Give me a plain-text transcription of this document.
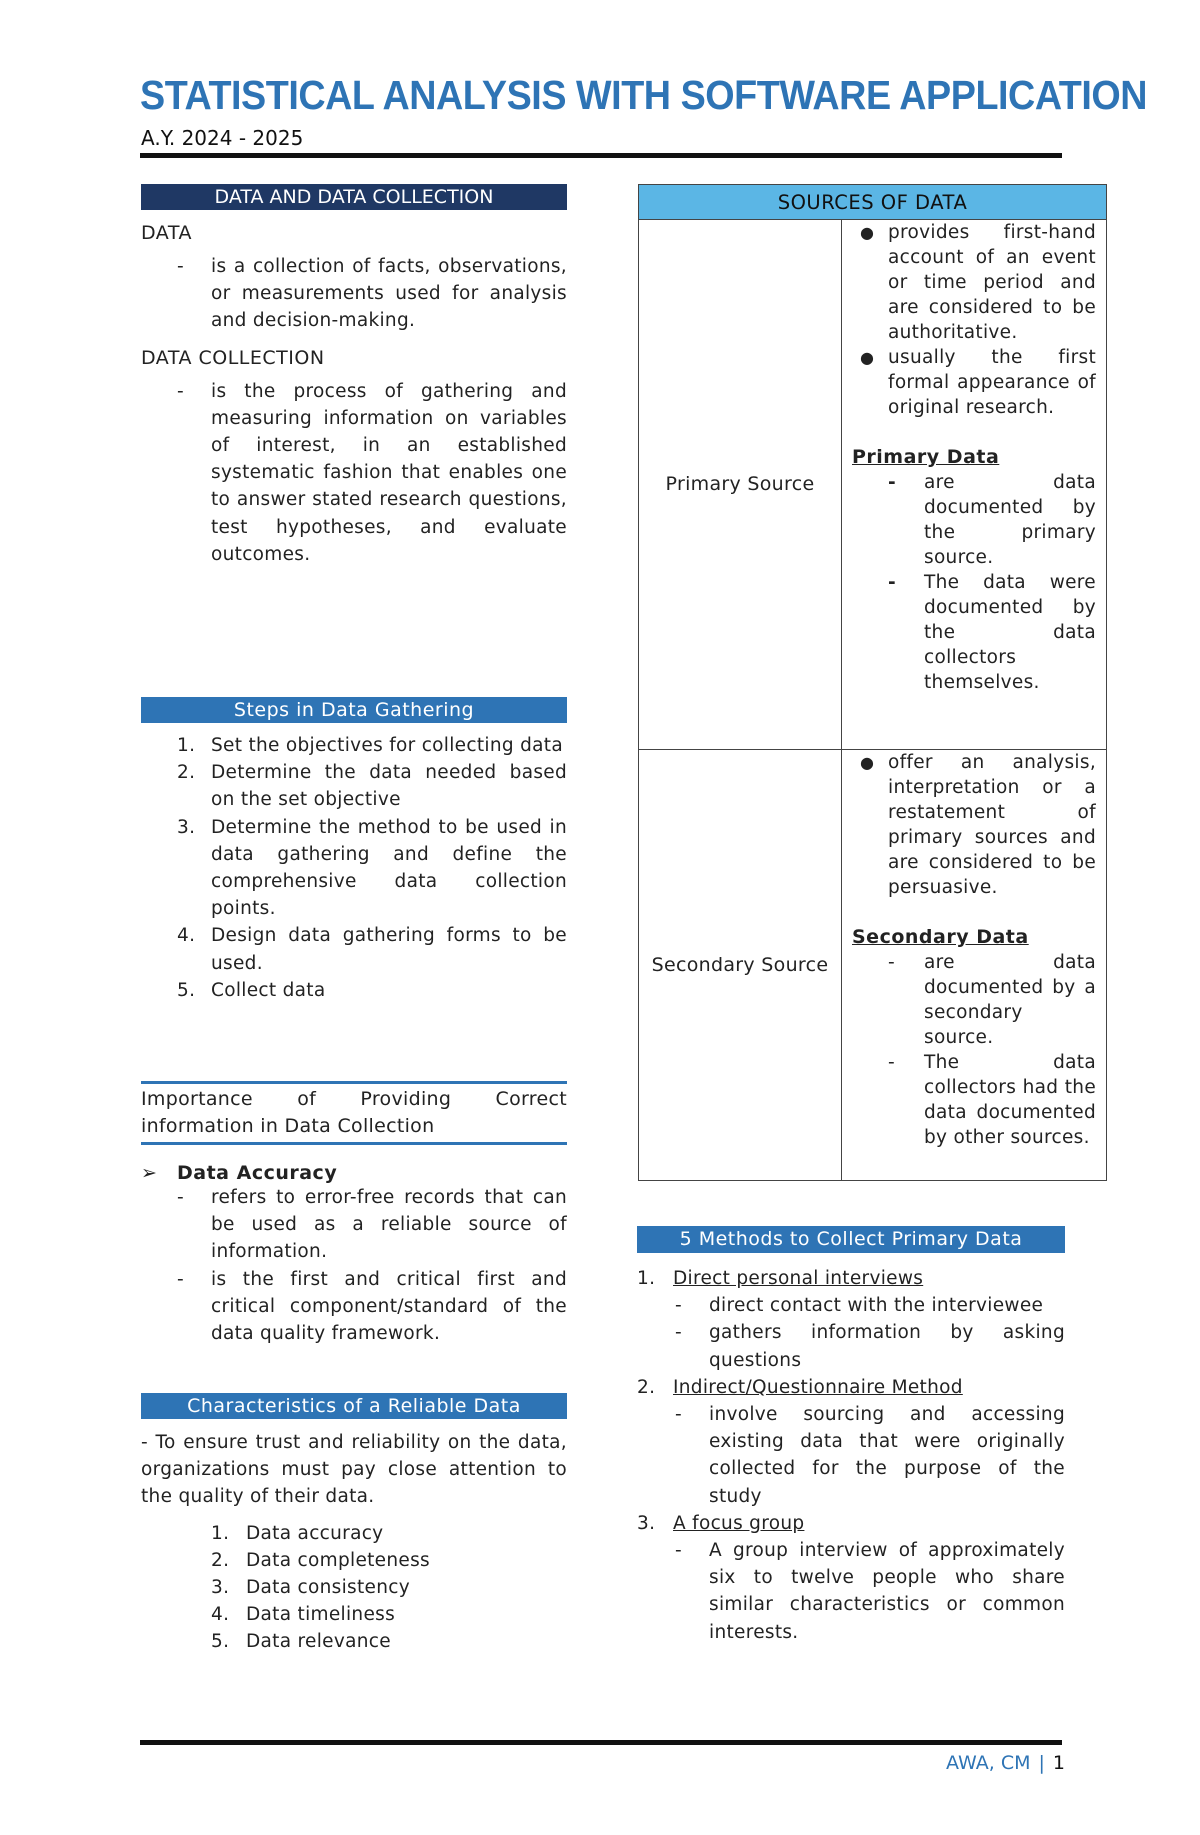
STATISTICAL ANALYSIS WITH SOFTWARE APPLICATION
A.Y. 2024 - 2025
DATA AND DATA COLLECTION
DATA
-	is a collection of facts, observations, or measurements used for analysis and decision-making.
DATA COLLECTION
-	is the process of gathering and measuring information on variables of interest, in an established systematic fashion that enables one to answer stated research questions, test hypotheses, and evaluate outcomes.
Steps in Data Gathering
1. Set the objectives for collecting data
2. Determine the data needed based on the set objective
3. Determine the method to be used in data gathering and define the comprehensive data collection points.
4. Design data gathering forms to be used.
5. Collect data
Importance of Providing Correct information in Data Collection
➢	Data Accuracy
-	refers to error-free records that can be used as a reliable source of information.
-	is the first and critical first and critical component/standard of the data quality framework.
Characteristics of a Reliable Data
- To ensure trust and reliability on the data, organizations must pay close attention to the quality of their data.
1. Data accuracy
2. Data completeness
3. Data consistency
4. Data timeliness
5. Data relevance
SOURCES OF DATA
Primary Source
● provides first-hand account of an event or time period and are considered to be authoritative.
● usually the first formal appearance of original research.
Primary Data
-	are data documented by the primary source.
-	The data were documented by the data collectors themselves.
Secondary Source
● offer an analysis, interpretation or a restatement of primary sources and are considered to be persuasive.
Secondary Data
-	are data documented by a secondary source.
-	The data collectors had the data documented by other sources.
5 Methods to Collect Primary Data
1. Direct personal interviews
-	direct contact with the interviewee
-	gathers information by asking questions
2. Indirect/Questionnaire Method
-	involve sourcing and accessing existing data that were originally collected for the purpose of the study
3. A focus group
-	A group interview of approximately six to twelve people who share similar characteristics or common interests.
AWA, CM | 1
